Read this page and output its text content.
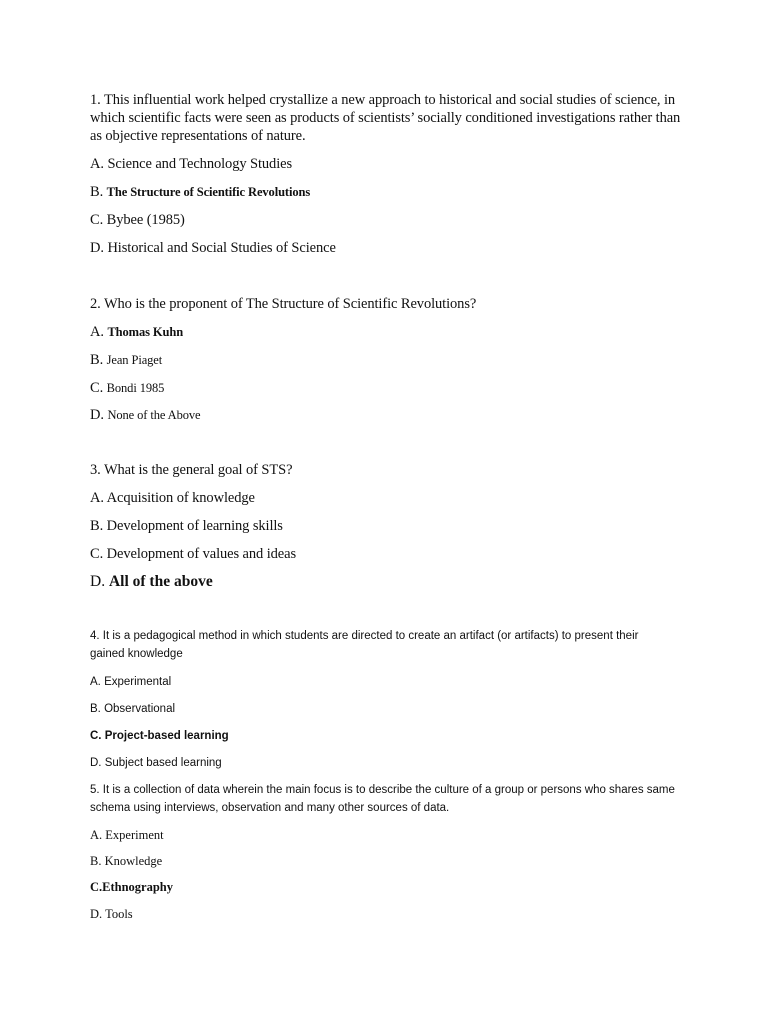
1. This influential work helped crystallize a new approach to historical and social studies of science, in

which scientific facts were seen as products of scientists’ socially conditioned investigations rather than

as objective representations of nature.

A. Science and Technology Studies

B. The Structure of Scientific Revolutions

C. Bybee (1985)

D. Historical and Social Studies of Science

2. Who is the proponent of The Structure of Scientific Revolutions?

A. Thomas Kuhn

B. Jean Piaget

C. Bondi 1985

D. None of the Above

3. What is the general goal of STS?

A. Acquisition of knowledge

B. Development of learning skills

C. Development of values and ideas

D. All of the above

4. It is a pedagogical method in which students are directed to create an artifact (or artifacts) to present their

gained knowledge

A. Experimental

B. Observational

C. Project-based learning

D. Subject based learning

5. It is a collection of data wherein the main focus is to describe the culture of a group or persons who shares same

schema using interviews, observation and many other sources of data.

A. Experiment

B. Knowledge

C.Ethnography

D. Tools
